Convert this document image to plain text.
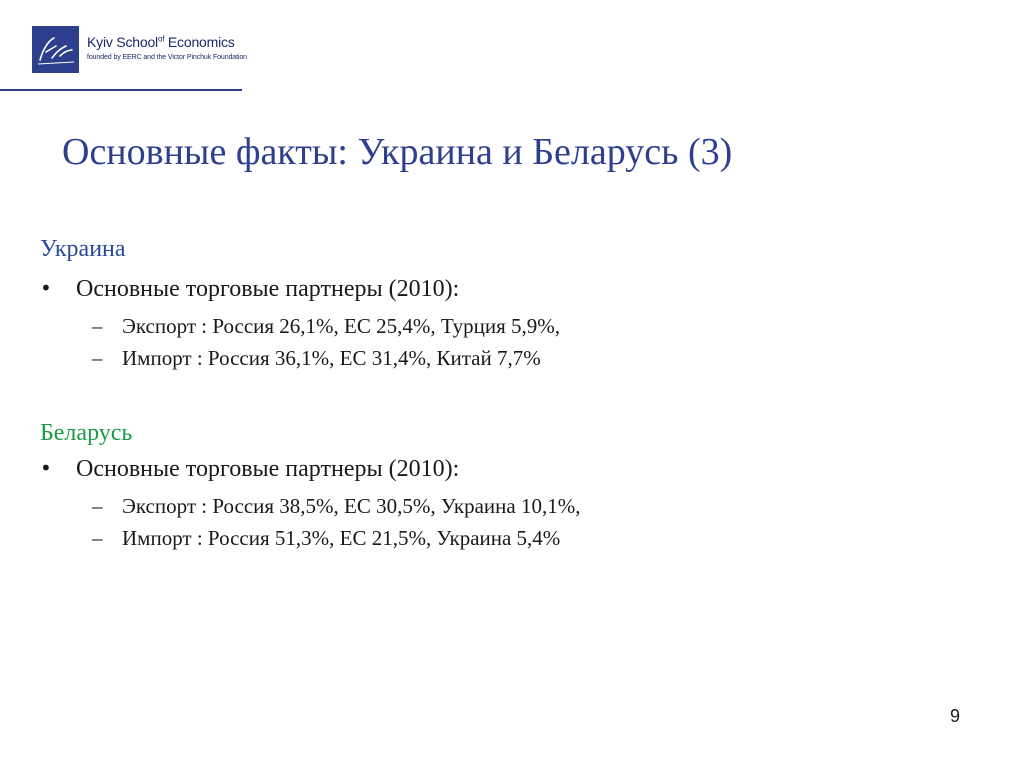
Kyiv School$^{of}$ Economics
founded by EERC and the Victor Pinchuk Foundation
Основные факты: Украина и Беларусь (3)
Украина
• Основные торговые партнеры (2010):
– Экспорт : Россия 26,1%, ЕС 25,4%, Турция 5,9%,
– Импорт : Россия 36,1%, ЕС 31,4%, Китай 7,7%
Беларусь
• Основные торговые партнеры (2010):
– Экспорт : Россия 38,5%, ЕС 30,5%, Украина 10,1%,
– Импорт : Россия 51,3%, ЕС 21,5%, Украина 5,4%
9
